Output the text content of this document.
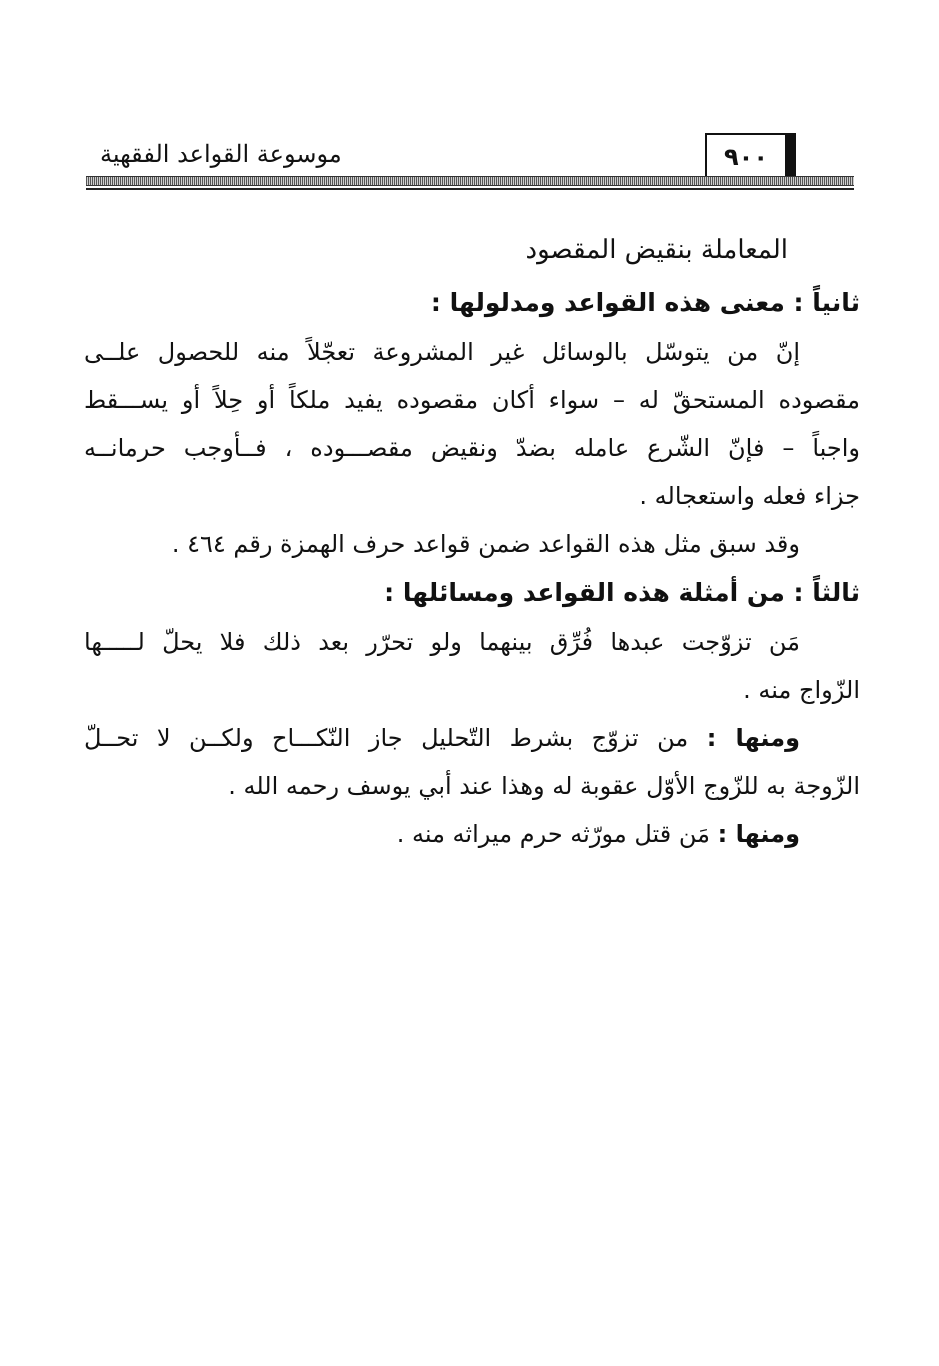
موسوعة القواعد الفقهية	٩٠٠
المعاملة بنقيض المقصود
ثانياً : معنى هذه القواعد ومدلولها :
إنّ من يتوسّل بالوسائل غير المشروعة تعجّلاً منه للحصول علــى
مقصوده المستحقّ له – سواء أكان مقصوده يفيد ملكاً أو حِلاً أو يســـقط
واجباً – فإنّ الشّرع عامله بضدّ ونقيض مقصـــوده ، فــأوجب حرمانــه
جزاء فعله واستعجاله .
وقد سبق مثل هذه القواعد ضمن قواعد حرف الهمزة رقم ٤٦٤ .
ثالثاً : من أمثلة هذه القواعد ومسائلها :
مَن تزوّجت عبدها فُرِّق بينهما ولو تحرّر بعد ذلك فلا يحلّ لـــــها
الزّواج منه .
ومنها : من تزوّج بشرط التّحليل جاز النّكـــاح ولكــن لا تحــلّ
الزّوجة به للزّوج الأوّل عقوبة له وهذا عند أبي يوسف رحمه الله .
ومنها : مَن قتل مورّثه حرم ميراثه منه .
